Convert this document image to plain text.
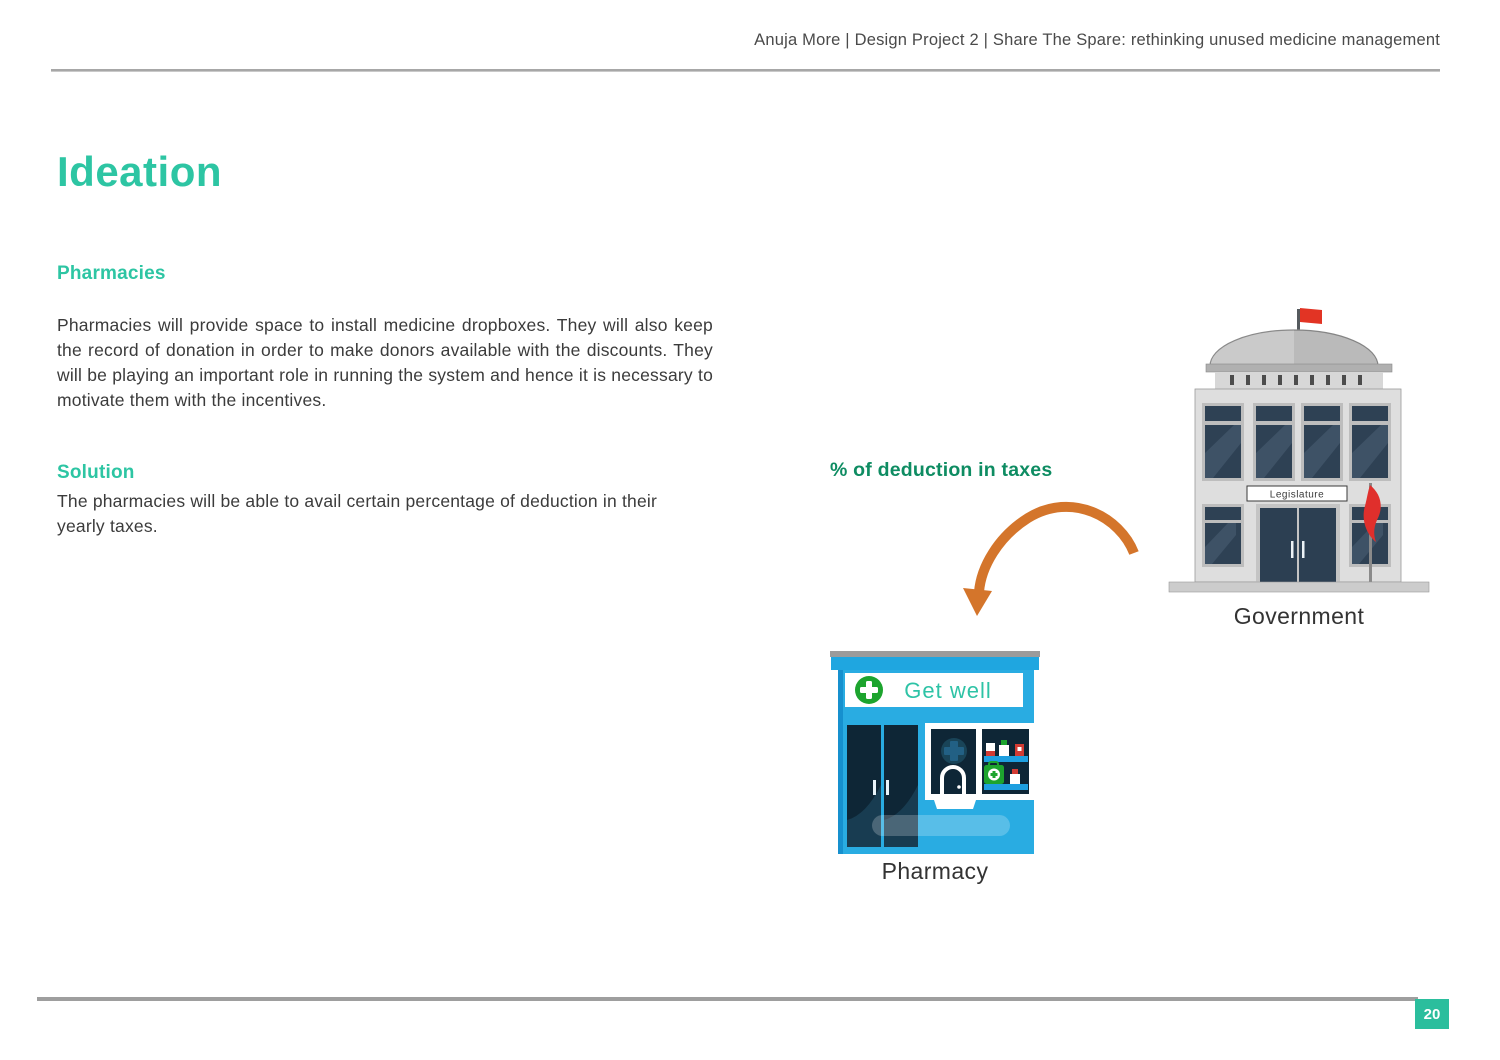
Anuja More | Design Project 2 | Share The Spare: rethinking unused medicine management
Ideation
Pharmacies

Pharmacies will provide space to install medicine dropboxes. They will also keep the record of donation in order to make donors available with the discounts. They will be playing an important role in running the system and hence it is necessary to motivate them with the incentives.

Solution

The pharmacies will be able to avail certain percentage of deduction in their yearly taxes.

% of deduction in taxes
Legislature
Government
Get well
Pharmacy
20
